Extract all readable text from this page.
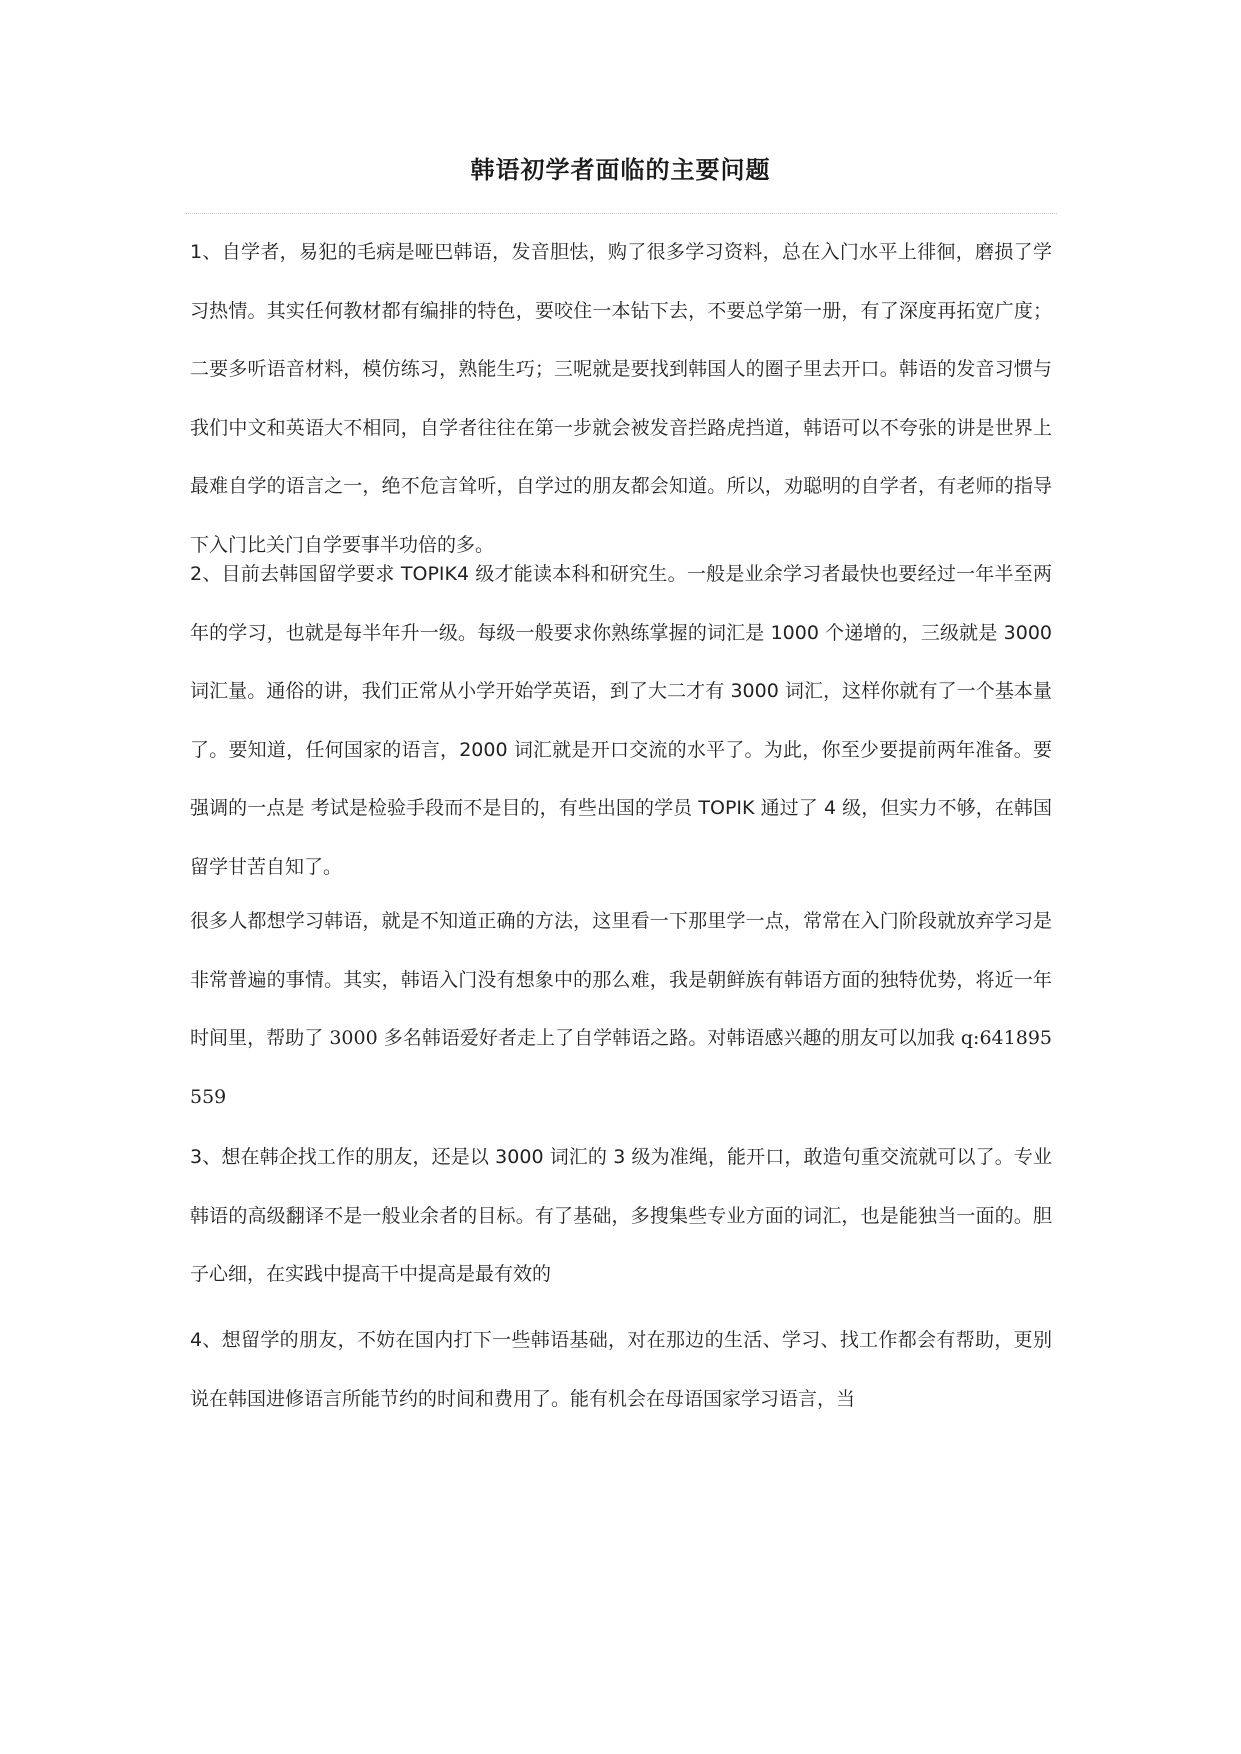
韩语初学者面临的主要问题

1、自学者，易犯的毛病是哑巴韩语，发音胆怯，购了很多学习资料，总在入门水平上徘徊，磨损了学习热情。其实任何教材都有编排的特色，要咬住一本钻下去，不要总学第一册，有了深度再拓宽广度；二要多听语音材料，模仿练习，熟能生巧；三呢就是要找到韩国人的圈子里去开口。韩语的发音习惯与我们中文和英语大不相同，自学者往往在第一步就会被发音拦路虎挡道，韩语可以不夸张的讲是世界上最难自学的语言之一，绝不危言耸听，自学过的朋友都会知道。所以，劝聪明的自学者，有老师的指导下入门比关门自学要事半功倍的多。

2、目前去韩国留学要求 TOPIK4 级才能读本科和研究生。一般是业余学习者最快也要经过一年半至两年的学习，也就是每半年升一级。每级一般要求你熟练掌握的词汇是 1000 个递增的，三级就是 3000 词汇量。通俗的讲，我们正常从小学开始学英语，到了大二才有 3000 词汇，这样你就有了一个基本量了。要知道，任何国家的语言，2000 词汇就是开口交流的水平了。为此，你至少要提前两年准备。要强调的一点是 考试是检验手段而不是目的，有些出国的学员 TOPIK 通过了 4 级，但实力不够，在韩国留学甘苦自知了。

很多人都想学习韩语，就是不知道正确的方法，这里看一下那里学一点，常常在入门阶段就放弃学习是非常普遍的事情。其实，韩语入门没有想象中的那么难，我是朝鲜族有韩语方面的独特优势，将近一年时间里，帮助了 3000 多名韩语爱好者走上了自学韩语之路。对韩语感兴趣的朋友可以加我 q:641895559

3、想在韩企找工作的朋友，还是以 3000 词汇的 3 级为准绳，能开口，敢造句重交流就可以了。专业韩语的高级翻译不是一般业余者的目标。有了基础，多搜集些专业方面的词汇，也是能独当一面的。胆子心细，在实践中提高干中提高是最有效的

4、想留学的朋友，不妨在国内打下一些韩语基础，对在那边的生活、学习、找工作都会有帮助，更别说在韩国进修语言所能节约的时间和费用了。能有机会在母语国家学习语言，当
